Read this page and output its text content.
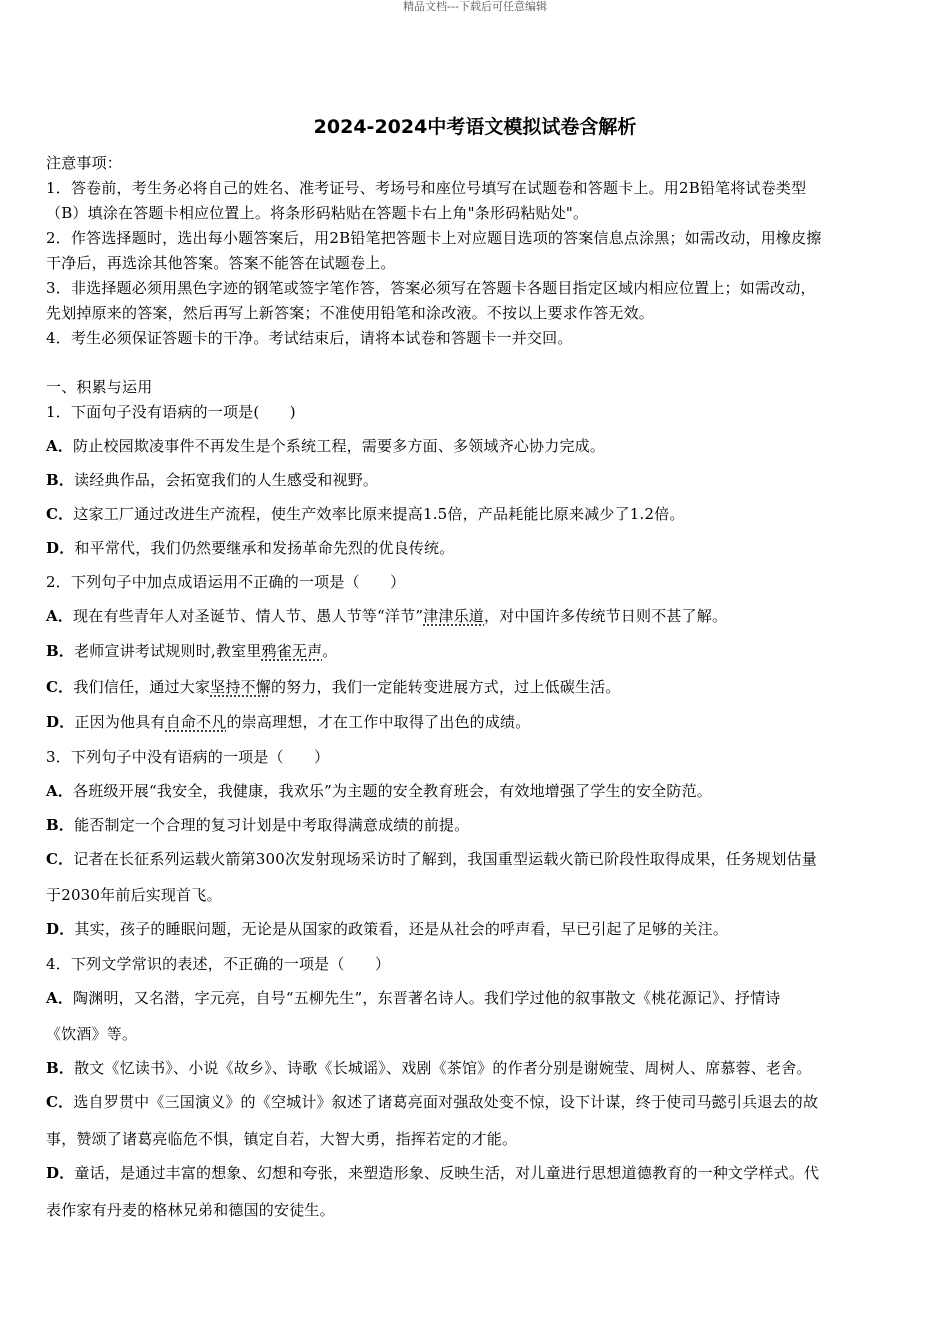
精品文档---下载后可任意编辑
2024-2024中考语文模拟试卷含解析
注意事项：
1．答卷前，考生务必将自己的姓名、准考证号、考场号和座位号填写在试题卷和答题卡上。用2B铅笔将试卷类型
（B）填涂在答题卡相应位置上。将条形码粘贴在答题卡右上角"条形码粘贴处"。
2．作答选择题时，选出每小题答案后，用2B铅笔把答题卡上对应题目选项的答案信息点涂黑；如需改动，用橡皮擦
干净后，再选涂其他答案。答案不能答在试题卷上。
3．非选择题必须用黑色字迹的钢笔或签字笔作答，答案必须写在答题卡各题目指定区域内相应位置上；如需改动，
先划掉原来的答案，然后再写上新答案；不准使用铅笔和涂改液。不按以上要求作答无效。
4．考生必须保证答题卡的干净。考试结束后，请将本试卷和答题卡一并交回。
一、积累与运用
1．下面句子没有语病的一项是(　　)
A．防止校园欺凌事件不再发生是个系统工程，需要多方面、多领域齐心协力完成。
B．读经典作品，会拓宽我们的人生感受和视野。
C．这家工厂通过改进生产流程，使生产效率比原来提高1.5倍，产品耗能比原来减少了1.2倍。
D．和平常代，我们仍然要继承和发扬革命先烈的优良传统。
2．下列句子中加点成语运用不正确的一项是（　　）
A．现在有些青年人对圣诞节、情人节、愚人节等“洋节”津津乐道，对中国许多传统节日则不甚了解。
B．老师宣讲考试规则时,教室里鸦雀无声。
C．我们信任，通过大家坚持不懈的努力，我们一定能转变进展方式，过上低碳生活。
D．正因为他具有自命不凡的崇高理想，才在工作中取得了出色的成绩。
3．下列句子中没有语病的一项是（　　）
A．各班级开展“我安全，我健康，我欢乐”为主题的安全教育班会，有效地增强了学生的安全防范。
B．能否制定一个合理的复习计划是中考取得满意成绩的前提。
C．记者在长征系列运载火箭第300次发射现场采访时了解到，我国重型运载火箭已阶段性取得成果，任务规划估量
于2030年前后实现首飞。
D．其实，孩子的睡眠问题，无论是从国家的政策看，还是从社会的呼声看，早已引起了足够的关注。
4．下列文学常识的表述，不正确的一项是（　　）
A．陶渊明，又名潜，字元亮，自号“五柳先生”，东晋著名诗人。我们学过他的叙事散文《桃花源记》、抒情诗
《饮酒》等。
B．散文《忆读书》、小说《故乡》、诗歌《长城谣》、戏剧《茶馆》的作者分别是谢婉莹、周树人、席慕蓉、老舍。
C．选自罗贯中《三国演义》的《空城计》叙述了诸葛亮面对强敌处变不惊，设下计谋，终于使司马懿引兵退去的故
事，赞颂了诸葛亮临危不惧，镇定自若，大智大勇，指挥若定的才能。
D．童话，是通过丰富的想象、幻想和夸张，来塑造形象、反映生活，对儿童进行思想道德教育的一种文学样式。代
表作家有丹麦的格林兄弟和德国的安徒生。
